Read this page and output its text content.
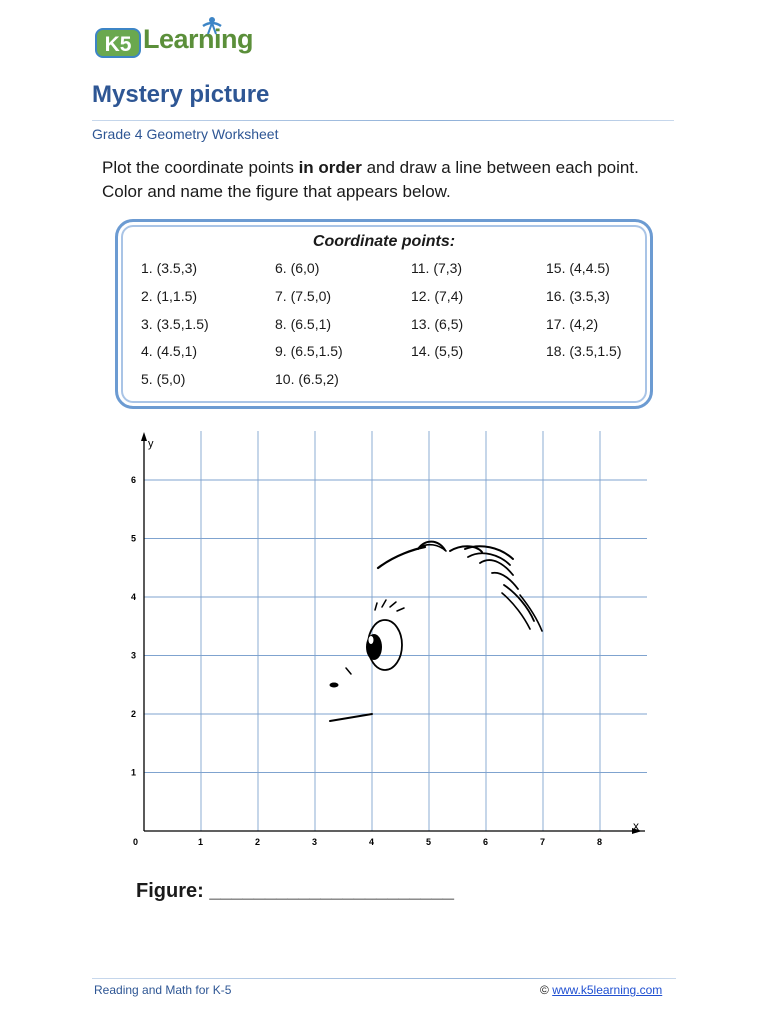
K5 Learning
Mystery picture
Grade 4 Geometry Worksheet
Plot the coordinate points in order and draw a line between each point.
Color and name the figure that appears below.
Coordinate points:
1. (3.5,3)
2. (1,1.5)
3. (3.5,1.5)
4. (4.5,1)
5. (5,0)
6. (6,0)
7. (7.5,0)
8. (6.5,1)
9. (6.5,1.5)
10. (6.5,2)
11. (7,3)
12. (7,4)
13. (6,5)
14. (5,5)
15. (4,4.5)
16. (3.5,3)
17. (4,2)
18. (3.5,1.5)
y
x
0	1	2	3	4	5	6	7	8
1
2
3
4
5
6
Figure: ______________________
Reading and Math for K-5	© www.k5learning.com
